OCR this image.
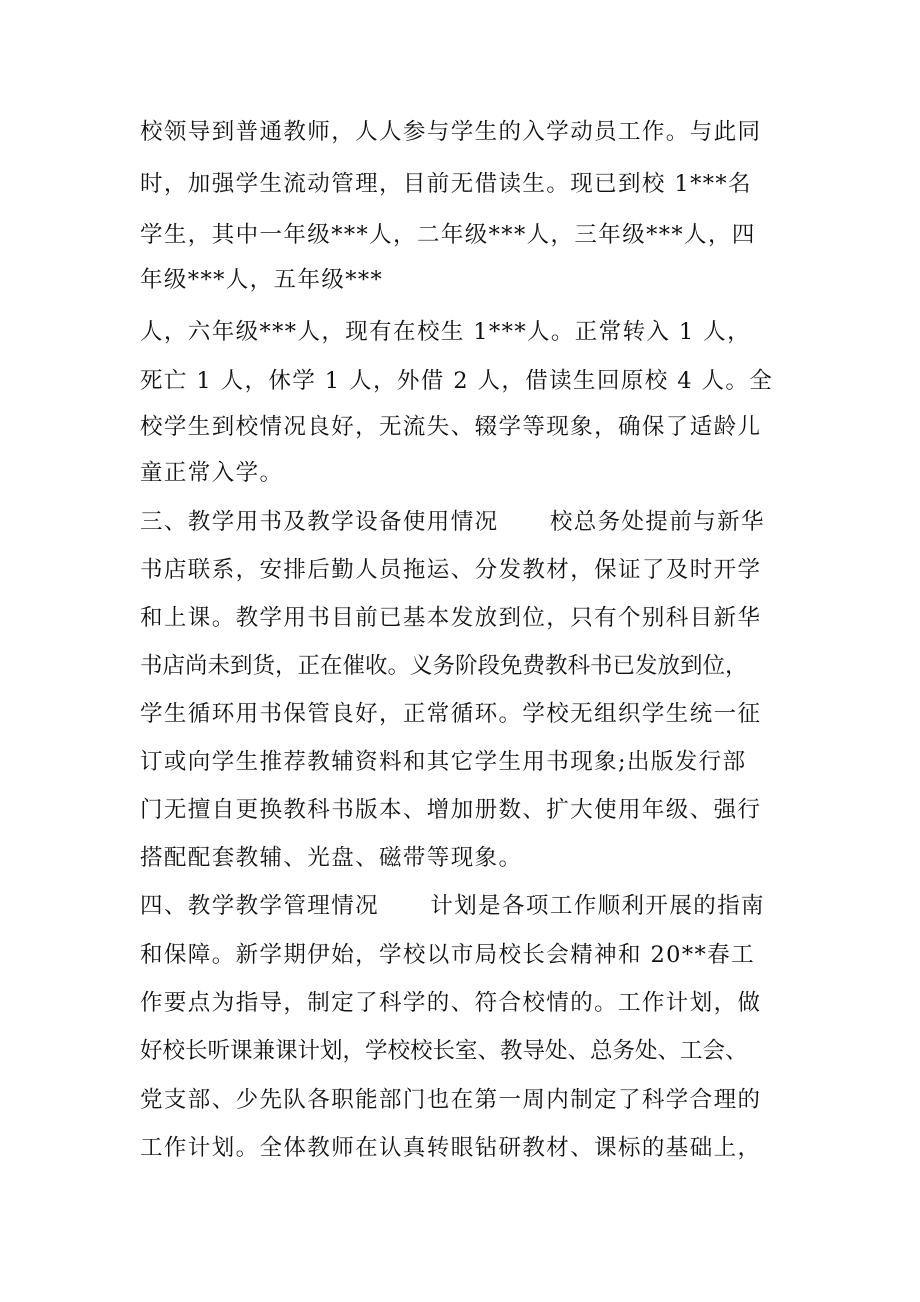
校领导到普通教师，人人参与学生的入学动员工作。与此同

时，加强学生流动管理，目前无借读生。现已到校 1***名

学生，其中一年级***人，二年级***人，三年级***人，四

年级***人，五年级***

人，六年级***人，现有在校生 1***人。正常转入 1 人，

死亡 1 人，休学 1 人，外借 2 人，借读生回原校 4 人。全

校学生到校情况良好，无流失、辍学等现象，确保了适龄儿

童正常入学。

三、教学用书及教学设备使用情况      校总务处提前与新华

书店联系，安排后勤人员拖运、分发教材，保证了及时开学

和上课。教学用书目前已基本发放到位，只有个别科目新华

书店尚未到货，正在催收。义务阶段免费教科书已发放到位，

学生循环用书保管良好，正常循环。学校无组织学生统一征

订或向学生推荐教辅资料和其它学生用书现象;出版发行部

门无擅自更换教科书版本、增加册数、扩大使用年级、强行

搭配配套教辅、光盘、磁带等现象。

四、教学教学管理情况      计划是各项工作顺利开展的指南

和保障。新学期伊始，学校以市局校长会精神和 20**春工

作要点为指导，制定了科学的、符合校情的。工作计划，做

好校长听课兼课计划，学校校长室、教导处、总务处、工会、

党支部、少先队各职能部门也在第一周内制定了科学合理的

工作计划。全体教师在认真转眼钻研教材、课标的基础上，
